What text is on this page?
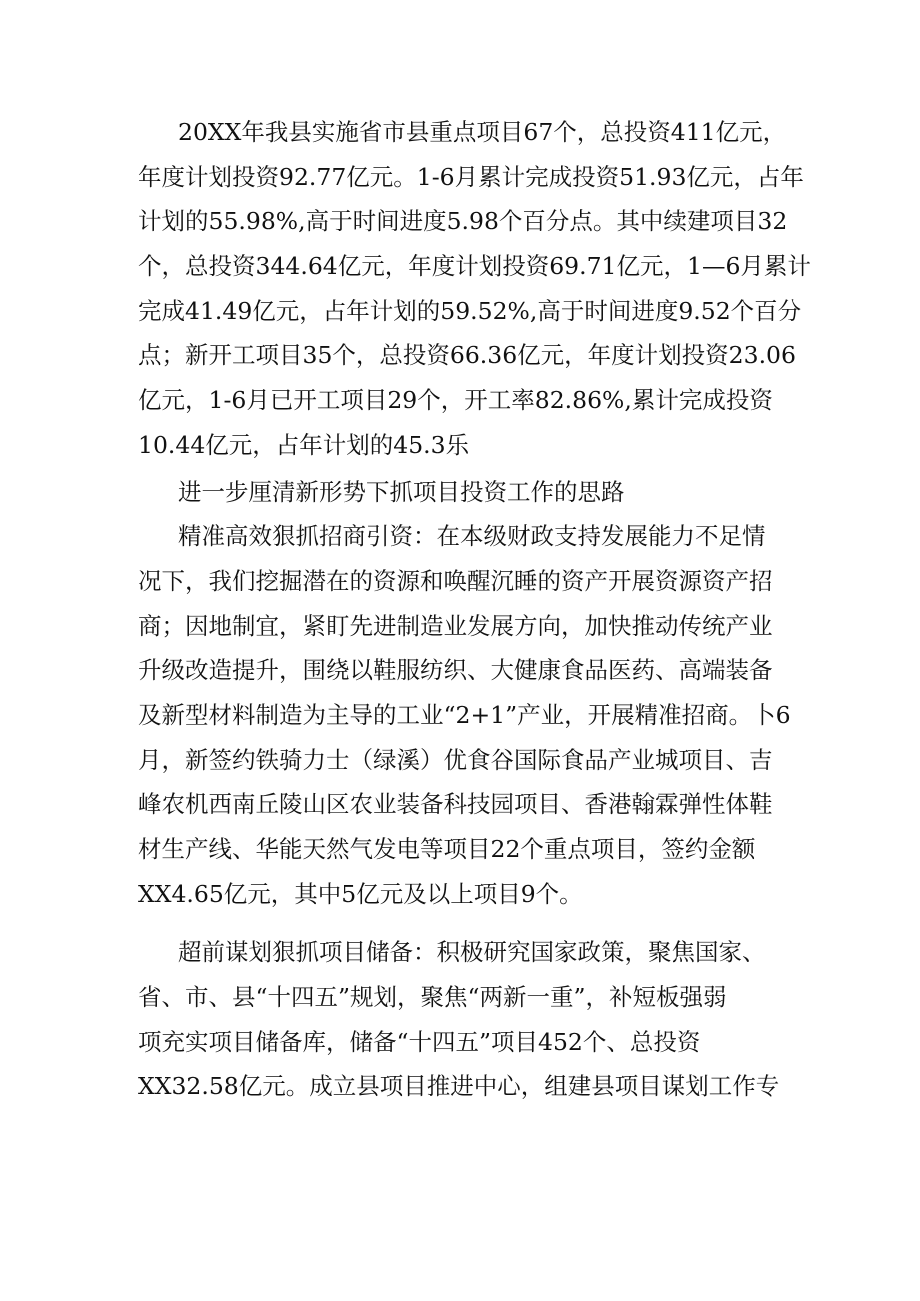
20XX年我县实施省市县重点项目67个，总投资411亿元，
年度计划投资92.77亿元。1-6月累计完成投资51.93亿元，占年
计划的55.98%,高于时间进度5.98个百分点。其中续建项目32
个，总投资344.64亿元，年度计划投资69.71亿元，1—6月累计
完成41.49亿元，占年计划的59.52%,高于时间进度9.52个百分
点；新开工项目35个，总投资66.36亿元，年度计划投资23.06
亿元，1-6月已开工项目29个，开工率82.86%,累计完成投资
10.44亿元，占年计划的45.3乐
进一步厘清新形势下抓项目投资工作的思路
精准高效狠抓招商引资：在本级财政支持发展能力不足情
况下，我们挖掘潜在的资源和唤醒沉睡的资产开展资源资产招
商；因地制宜，紧盯先进制造业发展方向，加快推动传统产业
升级改造提升，围绕以鞋服纺织、大健康食品医药、高端装备
及新型材料制造为主导的工业“2+1”产业，开展精准招商。卜6
月，新签约铁骑力士（绿溪）优食谷国际食品产业城项目、吉
峰农机西南丘陵山区农业装备科技园项目、香港翰霖弹性体鞋
材生产线、华能天然气发电等项目22个重点项目，签约金额
XX4.65亿元，其中5亿元及以上项目9个。
超前谋划狠抓项目储备：积极研究国家政策，聚焦国家、
省、市、县“十四五”规划，聚焦“两新一重”，补短板强弱
项充实项目储备库，储备“十四五”项目452个、总投资
XX32.58亿元。成立县项目推进中心，组建县项目谋划工作专
